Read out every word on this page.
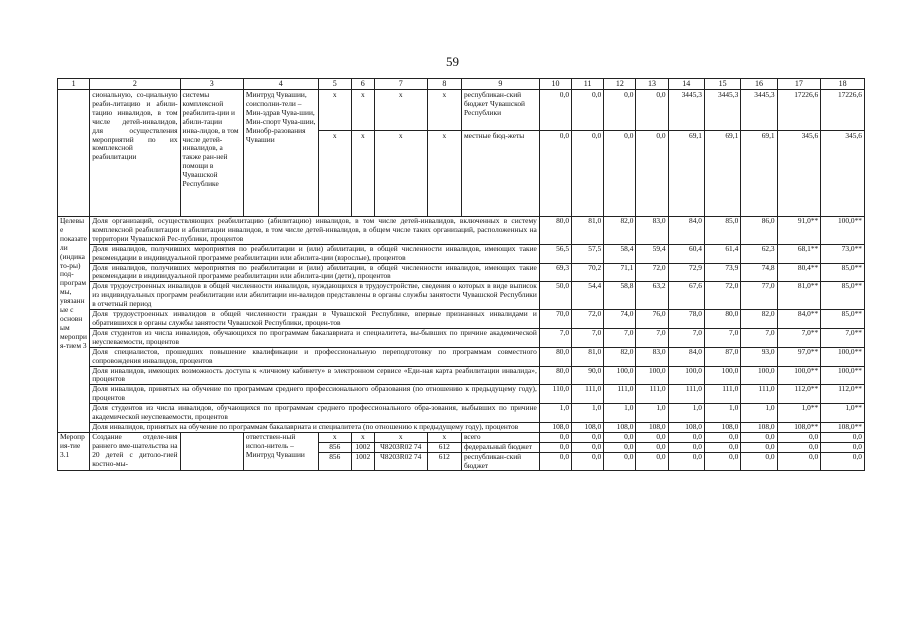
59
1	2	3	4	5	6	7	8	9	10	11	12	13	14	15	16	17	18
	сиональную, со-циальную реаби-литацию и абили-тацию инвалидов, в том числе детей-инвалидов, для осуществления мероприятий по их комплексной реабилитации	системы комплексной реабилита-ции и абили-тации инва-лидов, в том числе детей-инвалидов, а также ран-ней помощи в Чувашской Республике	Минтруд Чувашии, соисполни-тели – Мин-здрав Чува-шии, Мин-спорт Чува-шии, Минобр-разования Чувашии	x	x	x	x	республикан-ский бюджет Чувашской Республики	0,0	0,0	0,0	0,0	3445,3	3445,3	3445,3	17226,6	17226,6
				x	x	x	x	местные бюд-жеты	0,0	0,0	0,0	0,0	69,1	69,1	69,1	345,6	345,6
Целевые показатели (индикато-ры) под-программы, увязанные с основным мероприя-тием 3	Доля организаций, осуществляющих реабилитацию (абилитацию) инвалидов, в том числе детей-инвалидов, включенных в систему комплексной реабилитации и абилитации инвалидов, в том числе детей-инвалидов, в общем числе таких организаций, расположенных на территории Чувашской Рес-публики, процентов								80,0	81,0	82,0	83,0	84,0	85,0	86,0	91,0**	100,0**
	Доля инвалидов, получивших мероприятия по реабилитации и (или) абилитации, в общей численности инвалидов, имеющих такие рекомендации в индивидуальной программе реабилитации или абилита-ции (взрослые), процентов								56,5	57,5	58,4	59,4	60,4	61,4	62,3	68,1**	73,0**
	Доля инвалидов, получивших мероприятия по реабилитации и (или) абилитации, в общей численности инвалидов, имеющих такие рекомендации в индивидуальной программе реабилитации или абилита-ции (дети), процентов								69,3	70,2	71,1	72,0	72,9	73,9	74,8	80,4**	85,0**
	Доля трудоустроенных инвалидов в общей численности инвалидов, нуждающихся в трудоустройстве, сведения о которых в виде выписок из индивидуальных программ реабилитации или абилитации ин-валидов представлены в органы службы занятости Чувашской Республики в отчетный период								50,0	54,4	58,8	63,2	67,6	72,0	77,0	81,0**	85,0**
	Доля трудоустроенных инвалидов в общей численности граждан в Чувашской Республике, впервые признанных инвалидами и обратившихся в органы службы занятости Чувашской Республики, процен-тов								70,0	72,0	74,0	76,0	78,0	80,0	82,0	84,0**	85,0**
	Доля студентов из числа инвалидов, обучающихся по программам бакалавриата и специалитета, вы-бывших по причине академической неуспеваемости, процентов								7,0	7,0	7,0	7,0	7,0	7,0	7,0	7,0**	7,0**
	Доля специалистов, прошедших повышение квалификации и профессиональную переподготовку по программам совместного сопровождения инвалидов, процентов								80,0	81,0	82,0	83,0	84,0	87,0	93,0	97,0**	100,0**
	Доля инвалидов, имеющих возможность доступа к «личному кабинету» в электронном сервисе «Еди-ная карта реабилитации инвалида», процентов								80,0	90,0	100,0	100,0	100,0	100,0	100,0	100,0**	100,0**
	Доля инвалидов, принятых на обучение по программам среднего профессионального образования (по отношению к предыдущему году), процентов								110,0	111,0	111,0	111,0	111,0	111,0	111,0	112,0**	112,0**
	Доля студентов из числа инвалидов, обучающихся по программам среднего профессионального обра-зования, выбывших по причине академической неуспеваемости, процентов								1,0	1,0	1,0	1,0	1,0	1,0	1,0	1,0**	1,0**
	Доля инвалидов, принятых на обучение по программам бакалавриата и специалитета (по отношению к предыдущему году), процентов								108,0	108,0	108,0	108,0	108,0	108,0	108,0	108,0**	108,0**
Мероприя-тие 3.1	Создание отделе-ния раннего вме-шательства на 20 детей с дитоло-гией костно-мы-		ответствен-ный испол-нитель – Минтруд Чувашии	x	x	x	x	всего	0,0	0,0	0,0	0,0	0,0	0,0	0,0	0,0	0,0
				856	1002	Ч8203R02 74	612	федеральный бюджет	0,0	0,0	0,0	0,0	0,0	0,0	0,0	0,0	0,0
				856	1002	Ч8203R02 74	612	республикан-ский бюджет	0,0	0,0	0,0	0,0	0,0	0,0	0,0	0,0	0,0
